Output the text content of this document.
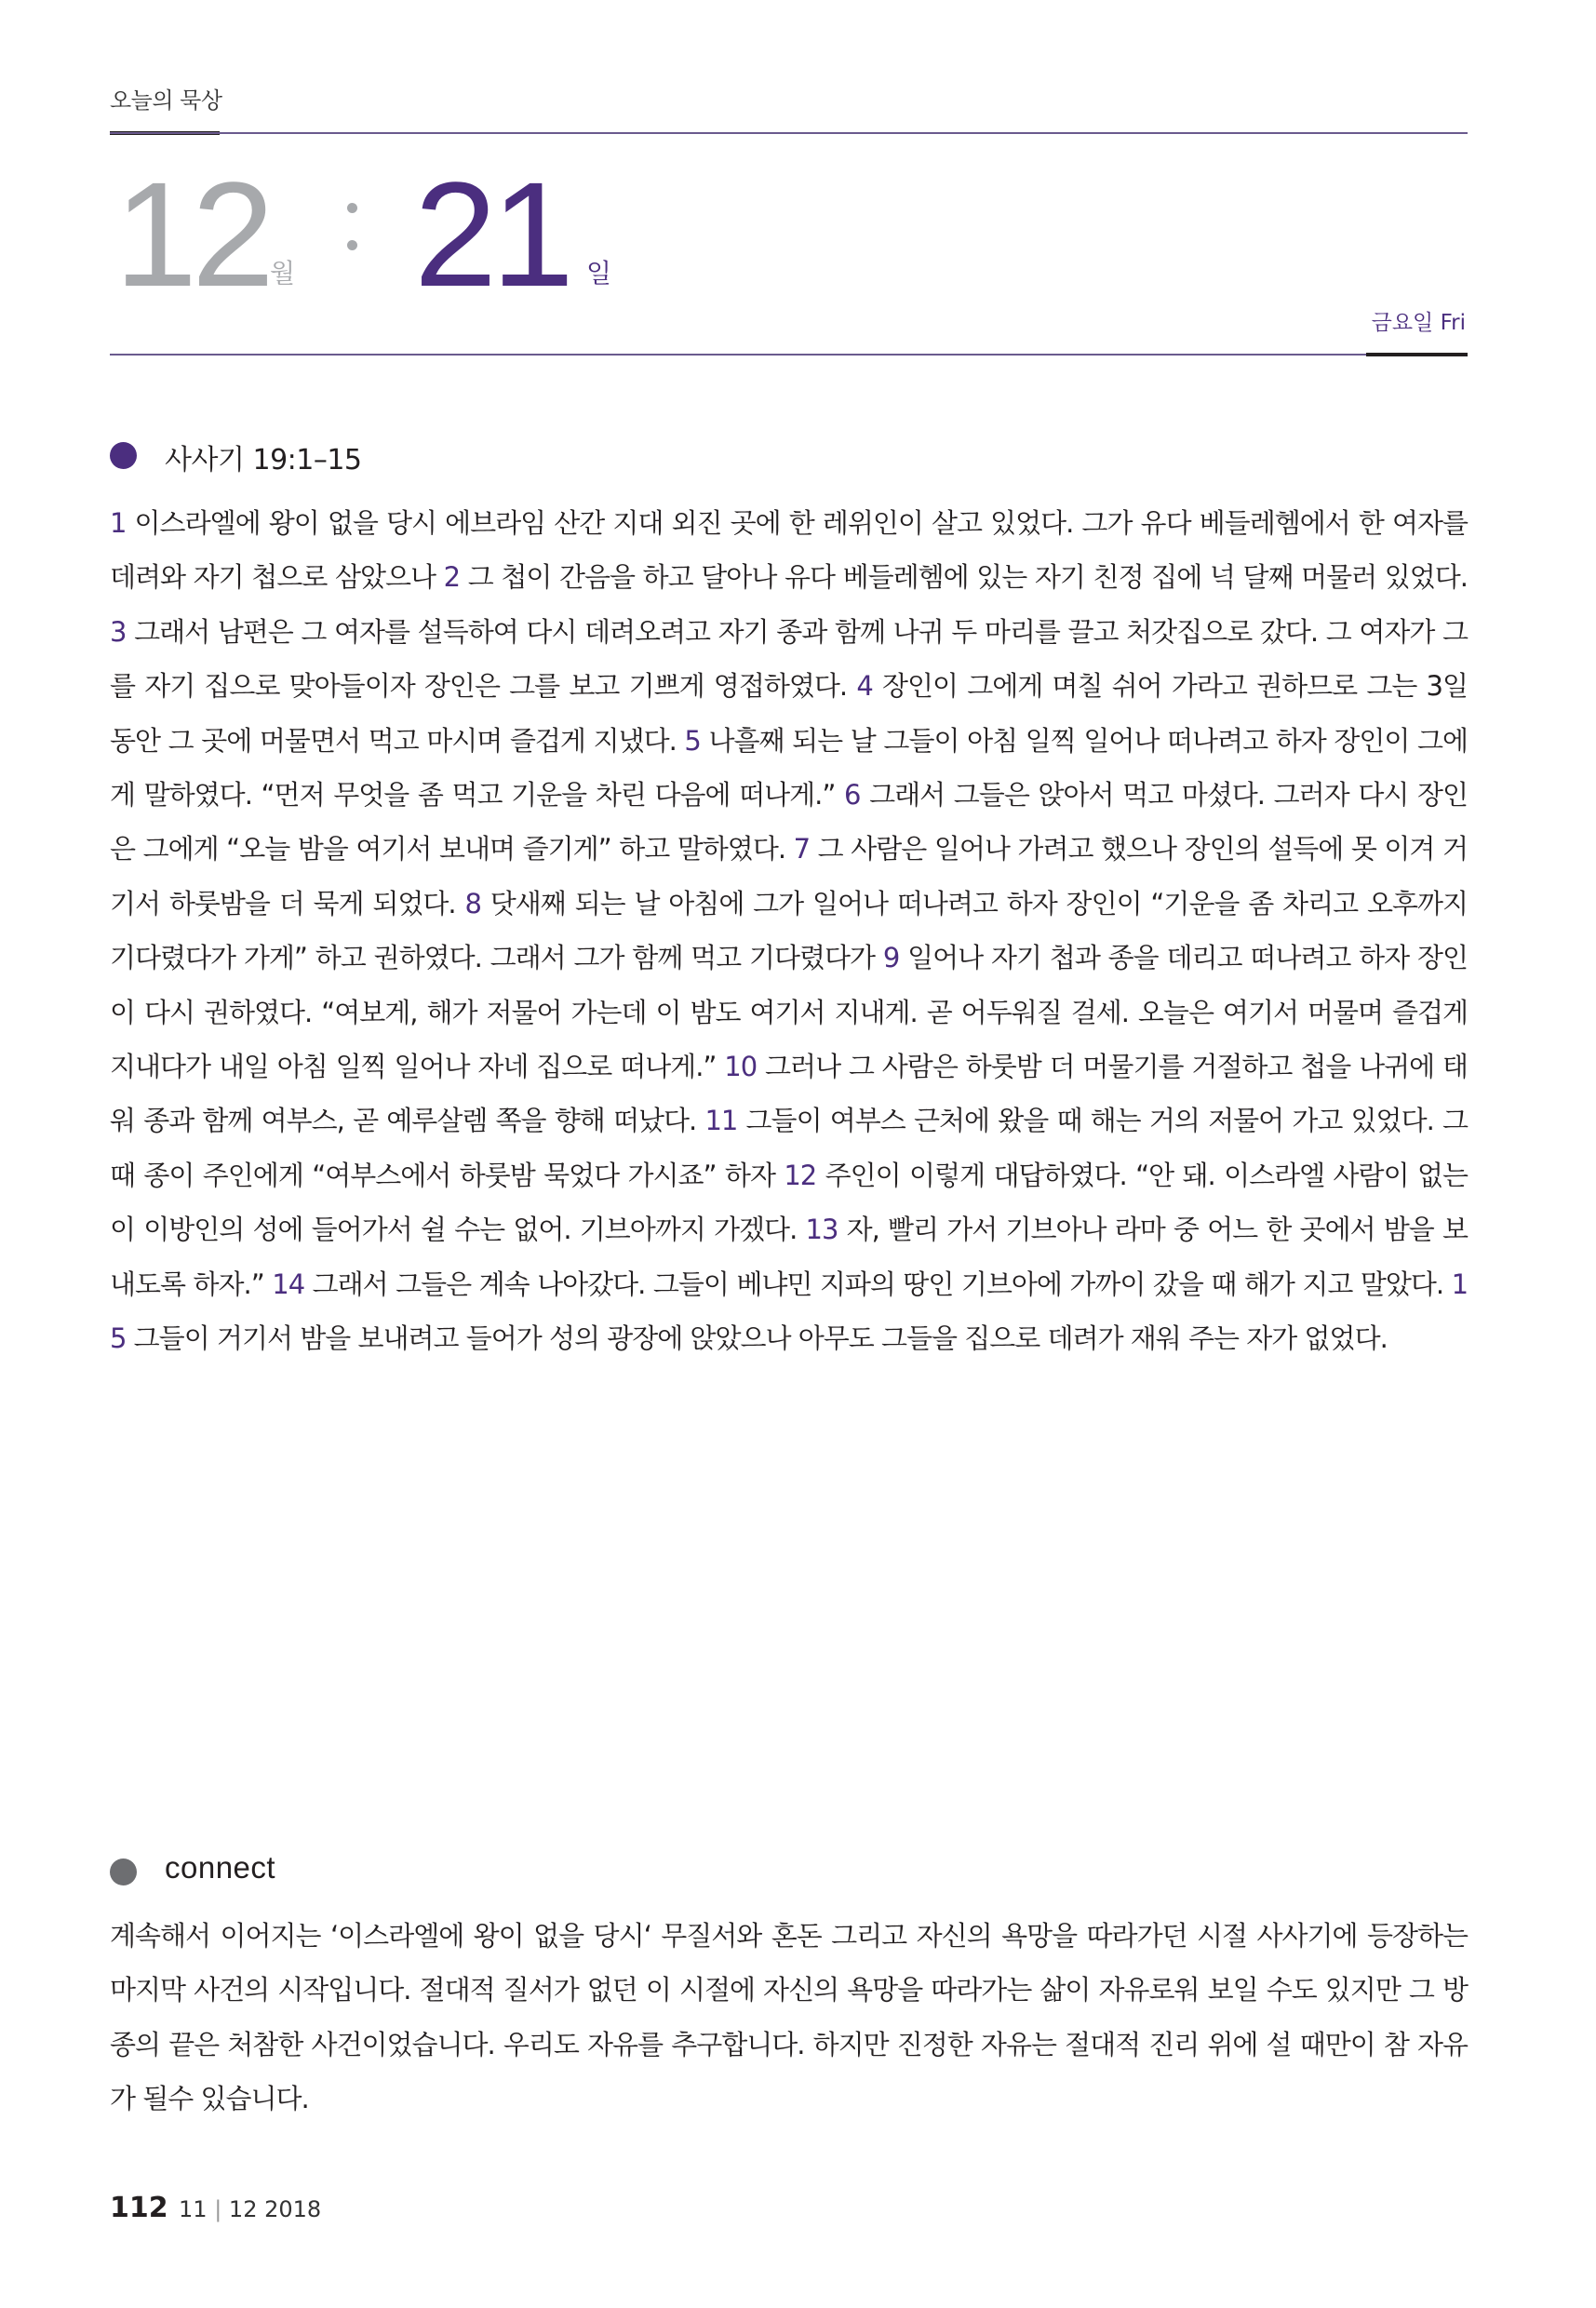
오늘의 묵상
12 월 21 일
금요일 Fri
사사기 19:1–15
1 이스라엘에 왕이 없을 당시 에브라임 산간 지대 외진 곳에 한 레위인이 살고 있었다. 그가 유다 베들레헴에서 한 여자를 데려와 자기 첩으로 삼았으나 2 그 첩이 간음을 하고 달아나 유다 베들레헴에 있는 자기 친정 집에 넉 달째 머물러 있었다. 3 그래서 남편은 그 여자를 설득하여 다시 데려오려고 자기 종과 함께 나귀 두 마리를 끌고 처갓집으로 갔다. 그 여자가 그를 자기 집으로 맞아들이자 장인은 그를 보고 기쁘게 영접하였다. 4 장인이 그에게 며칠 쉬어 가라고 권하므로 그는 3일 동안 그 곳에 머물면서 먹고 마시며 즐겁게 지냈다. 5 나흘째 되는 날 그들이 아침 일찍 일어나 떠나려고 하자 장인이 그에게 말하였다. “먼저 무엇을 좀 먹고 기운을 차린 다음에 떠나게.” 6 그래서 그들은 앉아서 먹고 마셨다. 그러자 다시 장인은 그에게 “오늘 밤을 여기서 보내며 즐기게” 하고 말하였다. 7 그 사람은 일어나 가려고 했으나 장인의 설득에 못 이겨 거기서 하룻밤을 더 묵게 되었다. 8 닷새째 되는 날 아침에 그가 일어나 떠나려고 하자 장인이 “기운을 좀 차리고 오후까지 기다렸다가 가게” 하고 권하였다. 그래서 그가 함께 먹고 기다렸다가 9 일어나 자기 첩과 종을 데리고 떠나려고 하자 장인이 다시 권하였다. “여보게, 해가 저물어 가는데 이 밤도 여기서 지내게. 곧 어두워질 걸세. 오늘은 여기서 머물며 즐겁게 지내다가 내일 아침 일찍 일어나 자네 집으로 떠나게.” 10 그러나 그 사람은 하룻밤 더 머물기를 거절하고 첩을 나귀에 태워 종과 함께 여부스, 곧 예루살렘 쪽을 향해 떠났다. 11 그들이 여부스 근처에 왔을 때 해는 거의 저물어 가고 있었다. 그때 종이 주인에게 “여부스에서 하룻밤 묵었다 가시죠” 하자 12 주인이 이렇게 대답하였다. “안 돼. 이스라엘 사람이 없는 이 이방인의 성에 들어가서 쉴 수는 없어. 기브아까지 가겠다. 13 자, 빨리 가서 기브아나 라마 중 어느 한 곳에서 밤을 보내도록 하자.” 14 그래서 그들은 계속 나아갔다. 그들이 베냐민 지파의 땅인 기브아에 가까이 갔을 때 해가 지고 말았다. 15 그들이 거기서 밤을 보내려고 들어가 성의 광장에 앉았으나 아무도 그들을 집으로 데려가 재워 주는 자가 없었다.
connect
계속해서 이어지는 ‘이스라엘에 왕이 없을 당시‘ 무질서와 혼돈 그리고 자신의 욕망을 따라가던 시절 사사기에 등장하는 마지막 사건의 시작입니다. 절대적 질서가 없던 이 시절에 자신의 욕망을 따라가는 삶이 자유로워 보일 수도 있지만 그 방종의 끝은 처참한 사건이었습니다. 우리도 자유를 추구합니다. 하지만 진정한 자유는 절대적 진리 위에 설 때만이 참 자유가 될수 있습니다.
112 11 | 12 2018
